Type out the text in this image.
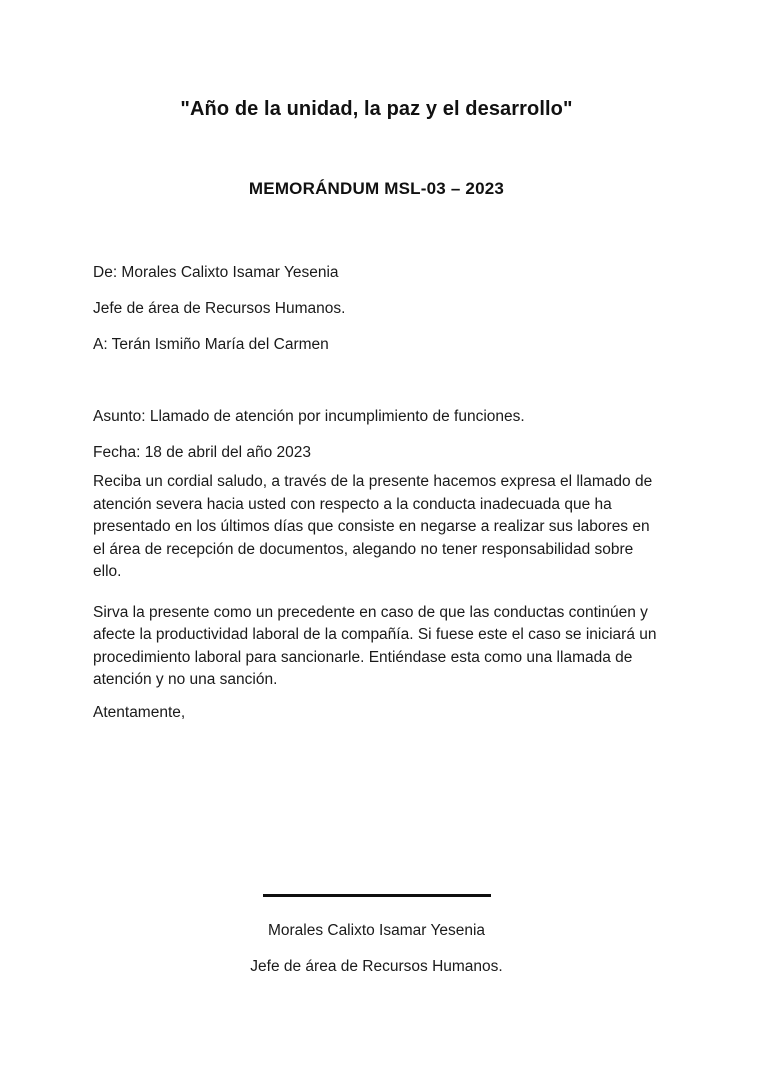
"Año de la unidad, la paz y el desarrollo"
MEMORÁNDUM MSL-03 – 2023
De: Morales Calixto Isamar Yesenia
Jefe de área de Recursos Humanos.
A: Terán Ismiño María del Carmen
Asunto: Llamado de atención por incumplimiento de funciones.
Fecha: 18 de abril del año 2023

Reciba un cordial saludo, a través de la presente hacemos expresa el llamado de atención severa hacia usted con respecto a la conducta inadecuada que ha presentado en los últimos días que consiste en negarse a realizar sus labores en el área de recepción de documentos, alegando no tener responsabilidad sobre ello.

Sirva la presente como un precedente en caso de que las conductas continúen y afecte la productividad laboral de la compañía. Si fuese este el caso se iniciará un procedimiento laboral para sancionarle. Entiéndase esta como una llamada de atención y no una sanción.

Atentamente,
Morales Calixto Isamar Yesenia
Jefe de área de Recursos Humanos.
